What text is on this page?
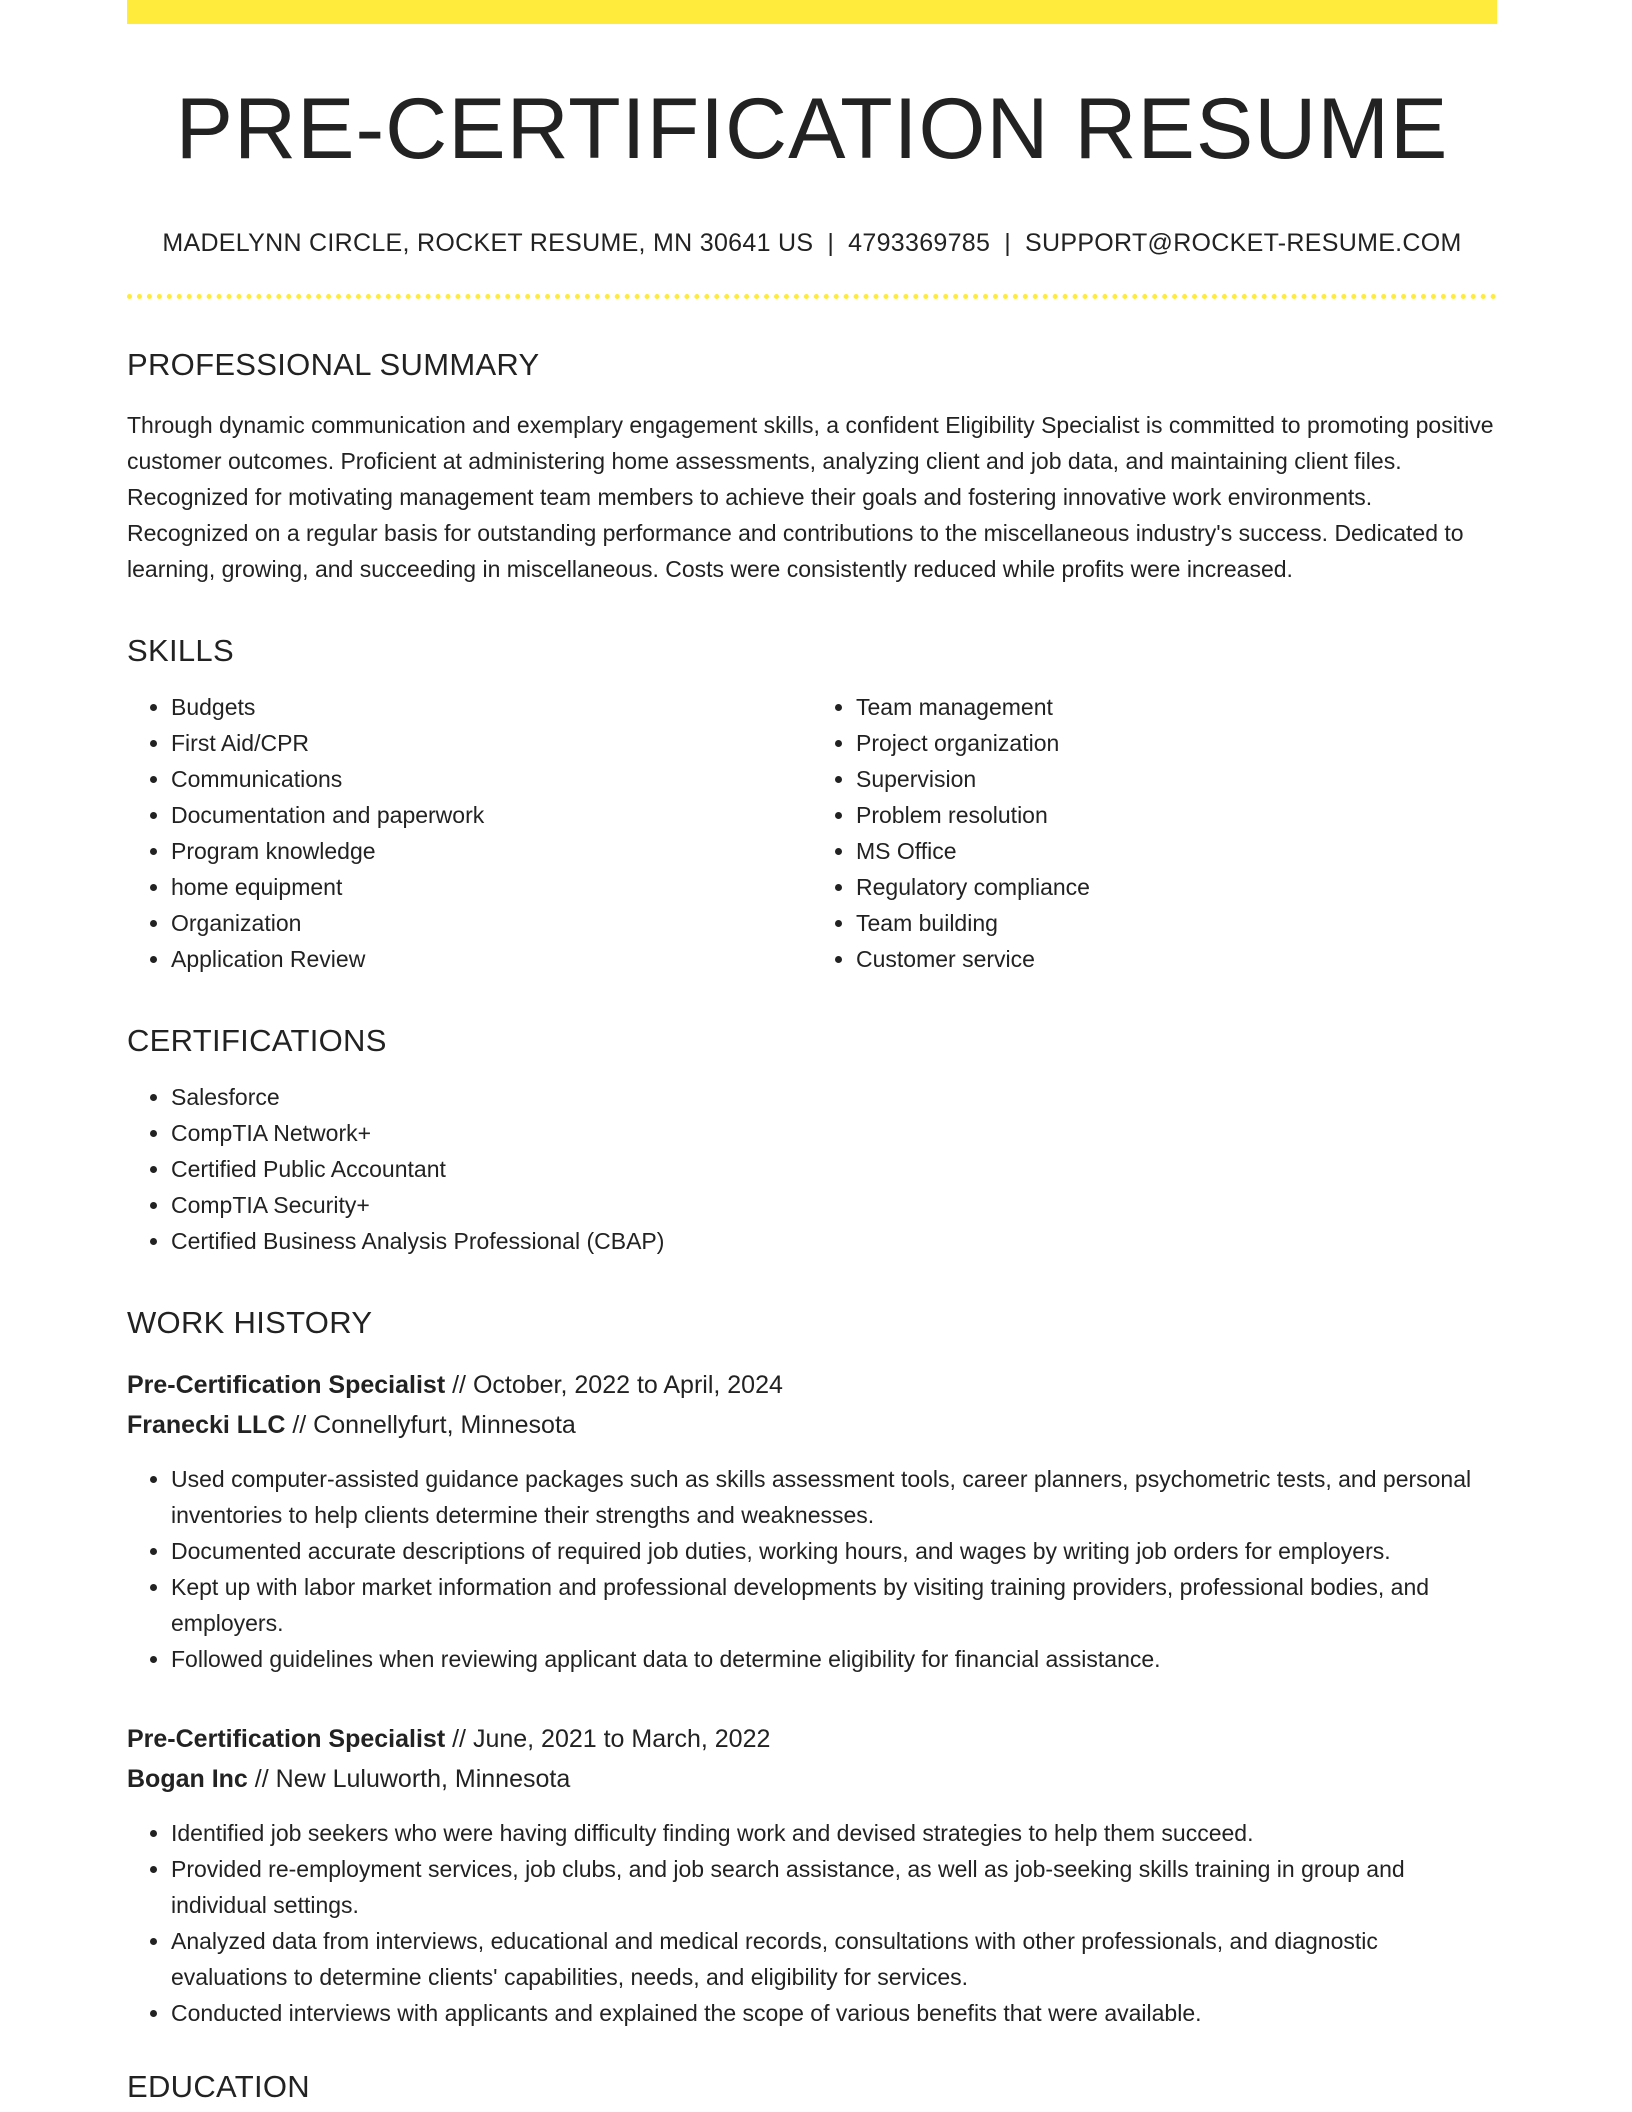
PRE-CERTIFICATION RESUME
MADELYNN CIRCLE, ROCKET RESUME, MN 30641 US | 4793369785 | SUPPORT@ROCKET-RESUME.COM
PROFESSIONAL SUMMARY

Through dynamic communication and exemplary engagement skills, a confident Eligibility Specialist is committed to promoting positive customer outcomes. Proficient at administering home assessments, analyzing client and job data, and maintaining client files. Recognized for motivating management team members to achieve their goals and fostering innovative work environments. Recognized on a regular basis for outstanding performance and contributions to the miscellaneous industry's success. Dedicated to learning, growing, and succeeding in miscellaneous. Costs were consistently reduced while profits were increased.

SKILLS
• Budgets
• First Aid/CPR
• Communications
• Documentation and paperwork
• Program knowledge
• home equipment
• Organization
• Application Review
• Team management
• Project organization
• Supervision
• Problem resolution
• MS Office
• Regulatory compliance
• Team building
• Customer service
CERTIFICATIONS
• Salesforce
• CompTIA Network+
• Certified Public Accountant
• CompTIA Security+
• Certified Business Analysis Professional (CBAP)
WORK HISTORY
Pre-Certification Specialist // October, 2022 to April, 2024
Franecki LLC // Connellyfurt, Minnesota
• Used computer-assisted guidance packages such as skills assessment tools, career planners, psychometric tests, and personal inventories to help clients determine their strengths and weaknesses.
• Documented accurate descriptions of required job duties, working hours, and wages by writing job orders for employers.
• Kept up with labor market information and professional developments by visiting training providers, professional bodies, and employers.
• Followed guidelines when reviewing applicant data to determine eligibility for financial assistance.
Pre-Certification Specialist // June, 2021 to March, 2022
Bogan Inc // New Luluworth, Minnesota
• Identified job seekers who were having difficulty finding work and devised strategies to help them succeed.
• Provided re-employment services, job clubs, and job search assistance, as well as job-seeking skills training in group and individual settings.
• Analyzed data from interviews, educational and medical records, consultations with other professionals, and diagnostic evaluations to determine clients' capabilities, needs, and eligibility for services.
• Conducted interviews with applicants and explained the scope of various benefits that were available.
EDUCATION
